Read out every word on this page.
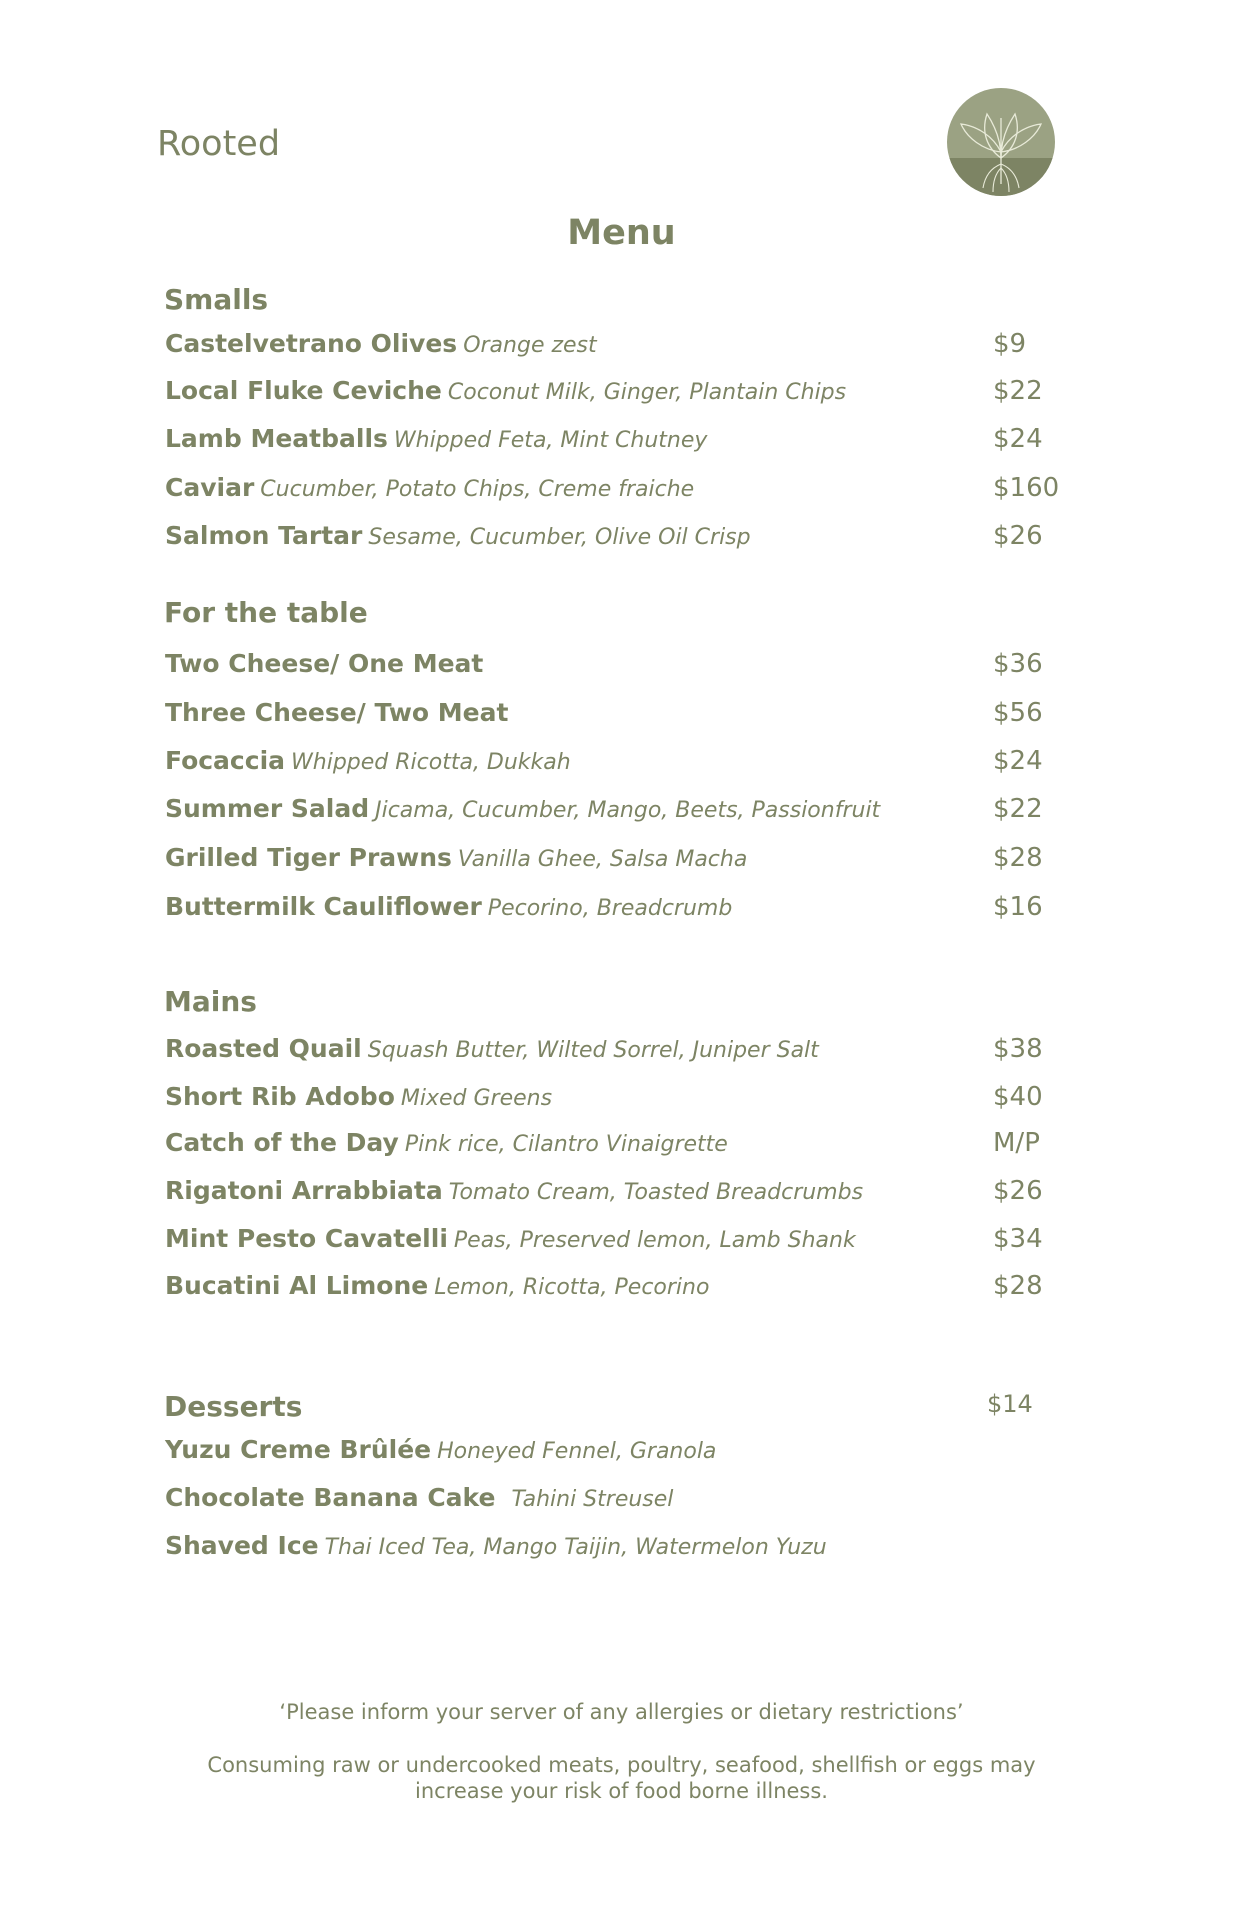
Rooted
Menu
Smalls
Castelvetrano Olives Orange zest	$9
Local Fluke Ceviche Coconut Milk, Ginger, Plantain Chips	$22
Lamb Meatballs Whipped Feta, Mint Chutney	$24
Caviar Cucumber, Potato Chips, Creme fraiche	$160
Salmon Tartar Sesame, Cucumber, Olive Oil Crisp	$26
For the table
Two Cheese/ One Meat	$36
Three Cheese/ Two Meat	$56
Focaccia Whipped Ricotta, Dukkah	$24
Summer Salad Jicama, Cucumber, Mango, Beets, Passionfruit	$22
Grilled Tiger Prawns Vanilla Ghee, Salsa Macha	$28
Buttermilk Cauliflower Pecorino, Breadcrumb	$16
Mains
Roasted Quail Squash Butter, Wilted Sorrel, Juniper Salt	$38
Short Rib Adobo Mixed Greens	$40
Catch of the Day Pink rice, Cilantro Vinaigrette	M/P
Rigatoni Arrabbiata Tomato Cream, Toasted Breadcrumbs	$26
Mint Pesto Cavatelli Peas, Preserved lemon, Lamb Shank	$34
Bucatini Al Limone Lemon, Ricotta, Pecorino	$28
Desserts	$14
Yuzu Creme Brûlée Honeyed Fennel, Granola
Chocolate Banana Cake Tahini Streusel
Shaved Ice Thai Iced Tea, Mango Taijin, Watermelon Yuzu
‘Please inform your server of any allergies or dietary restrictions’
Consuming raw or undercooked meats, poultry, seafood, shellfish or eggs may
increase your risk of food borne illness.
